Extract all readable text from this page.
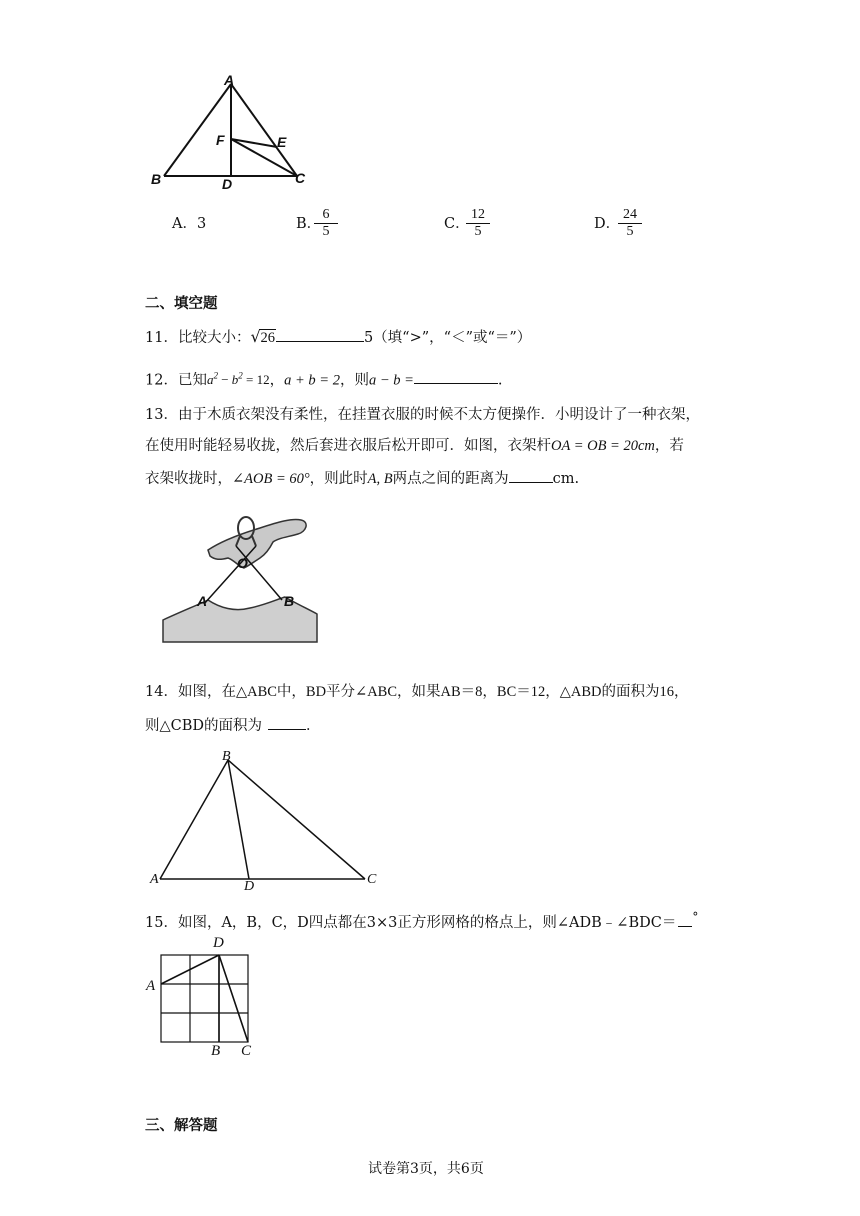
A
F	E
B	D	C
A．3	B．
$\frac{6}{5}$	C．
$\frac{12}{5}$	D．
$\frac{24}{5}$
二、填空题
11．比较大小： √ 26	5（填“>”，“＜”或“＝”）
12．已知$a^2 - b^2 = 12$，a + b = 2，则a − b =	.
13．由于木质衣架没有柔性，在挂置衣服的时候不太方便操作．小明设计了一种衣架，
在使用时能轻易收拢，然后套进衣服后松开即可．如图，衣架杆OA = OB = 20cm，若
衣架收拢时，∠AOB = 60°，则此时A, B两点之间的距离为	cm.
O
A	B
14．如图，在△ABC中，BD平分∠ABC，如果AB＝8，BC＝12，△ABD的面积为16，
则△CBD的面积为	．
B
A	D	C
15．如图，A，B，C，D四点都在3×3正方形网格的格点上，则∠ADB﹣∠BDC＝ °
D
A
B C
三、解答题
试卷第3页，共6页
